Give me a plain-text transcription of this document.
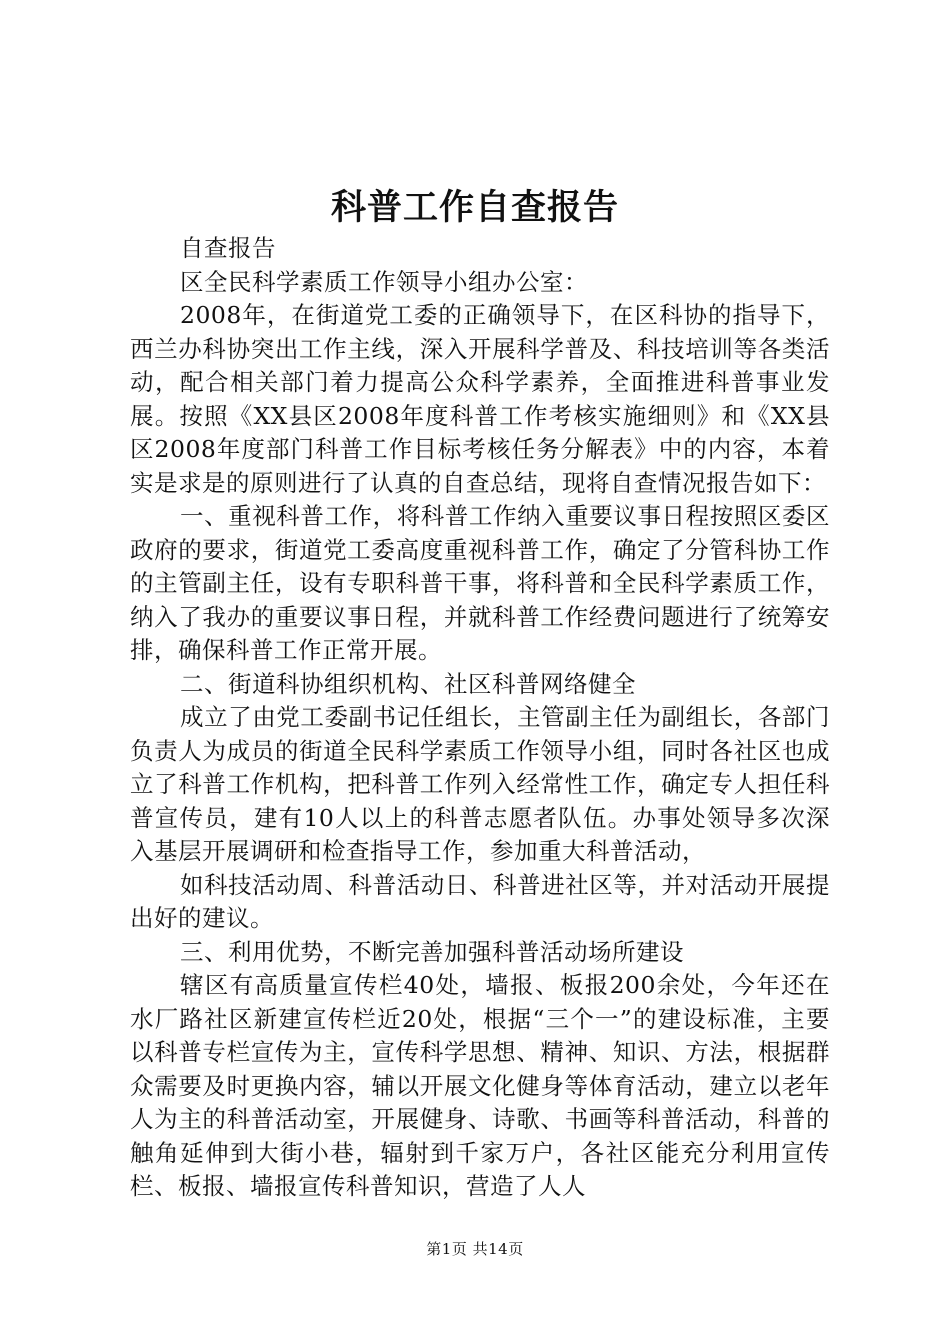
科普工作自查报告

自查报告

区全民科学素质工作领导小组办公室：

2008年，在街道党工委的正确领导下，在区科协的指导下，西兰办科协突出工作主线，深入开展科学普及、科技培训等各类活动，配合相关部门着力提高公众科学素养，全面推进科普事业发展。按照《XX县区2008年度科普工作考核实施细则》和《XX县区2008年度部门科普工作目标考核任务分解表》中的内容，本着实是求是的原则进行了认真的自查总结，现将自查情况报告如下：

一、重视科普工作，将科普工作纳入重要议事日程按照区委区政府的要求，街道党工委高度重视科普工作，确定了分管科协工作的主管副主任，设有专职科普干事，将科普和全民科学素质工作，纳入了我办的重要议事日程，并就科普工作经费问题进行了统筹安排，确保科普工作正常开展。

二、街道科协组织机构、社区科普网络健全

成立了由党工委副书记任组长，主管副主任为副组长，各部门负责人为成员的街道全民科学素质工作领导小组，同时各社区也成立了科普工作机构，把科普工作列入经常性工作，确定专人担任科普宣传员，建有10人以上的科普志愿者队伍。办事处领导多次深入基层开展调研和检查指导工作，参加重大科普活动，

如科技活动周、科普活动日、科普进社区等，并对活动开展提出好的建议。

三、利用优势，不断完善加强科普活动场所建设

辖区有高质量宣传栏40处，墙报、板报200余处，今年还在水厂路社区新建宣传栏近20处，根据“三个一”的建设标准，主要以科普专栏宣传为主，宣传科学思想、精神、知识、方法，根据群众需要及时更换内容，辅以开展文化健身等体育活动，建立以老年人为主的科普活动室，开展健身、诗歌、书画等科普活动，科普的触角延伸到大街小巷，辐射到千家万户，各社区能充分利用宣传栏、板报、墙报宣传科普知识，营造了人人

第1页 共14页
